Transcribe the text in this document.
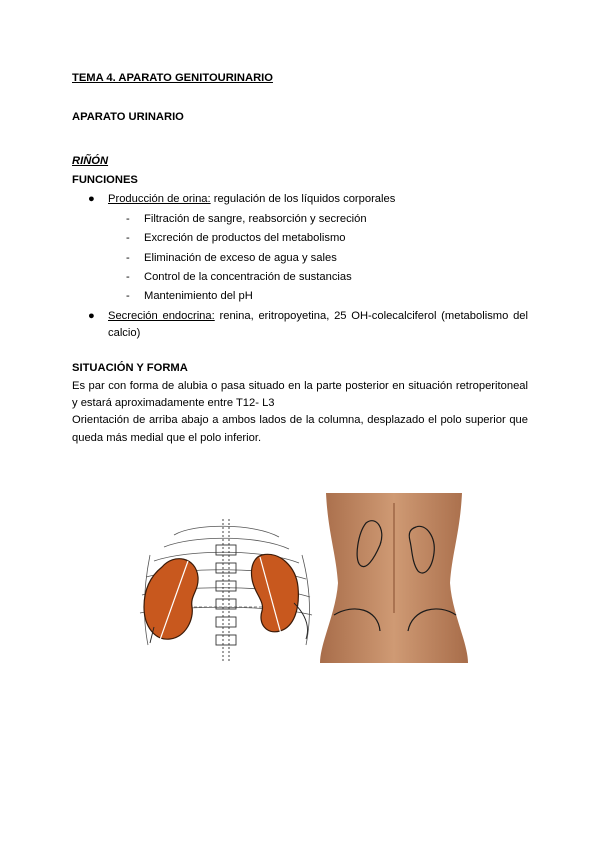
TEMA 4. APARATO GENITOURINARIO

APARATO URINARIO

RIÑÓN

FUNCIONES

● Producción de orina: regulación de los líquidos corporales
- Filtración de sangre, reabsorción y secreción
- Excreción de productos del metabolismo
- Eliminación de exceso de agua y sales
- Control de la concentración de sustancias
- Mantenimiento del pH
● Secreción endocrina: renina, eritropoyetina, 25 OH-colecalciferol (metabolismo del calcio)

SITUACIÓN Y FORMA

Es par con forma de alubia o pasa situado en la parte posterior en situación retroperitoneal y estará aproximadamente entre T12- L3

Orientación de arriba abajo a ambos lados de la columna, desplazado el polo superior que queda más medial que el polo inferior.
